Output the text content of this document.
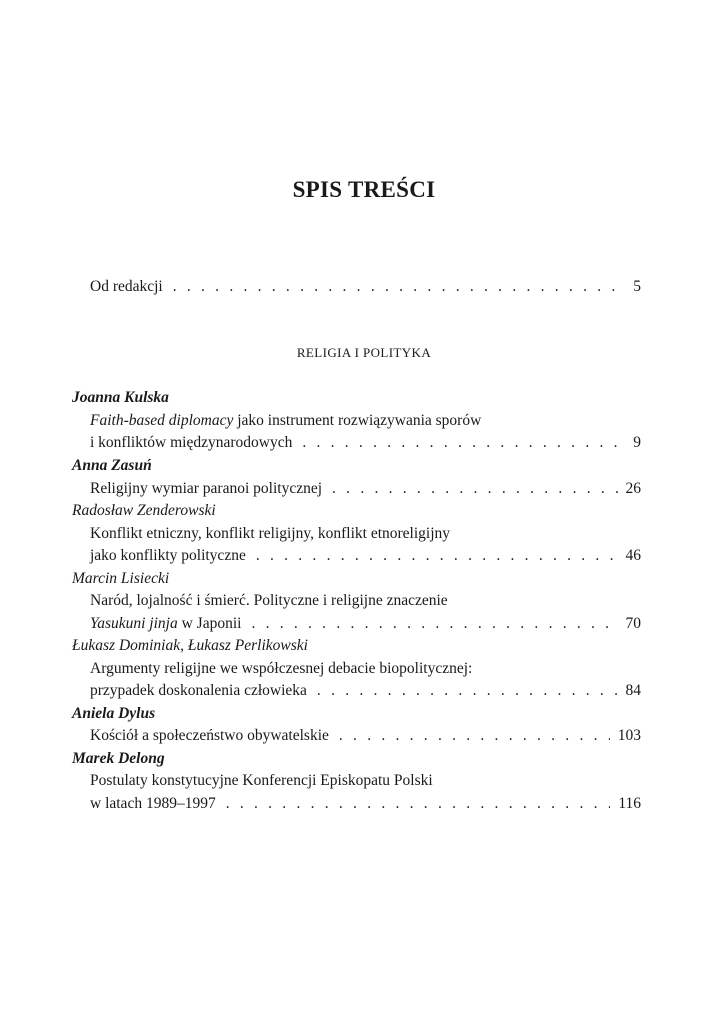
SPIS TREŚCI
Od redakcji . . .	5
RELIGIA I POLITYKA
Joanna Kulska
Faith-based diplomacy jako instrument rozwiązywania sporów
i konfliktów międzynarodowych . . .	9
Anna Zasuń
Religijny wymiar paranoi politycznej . . .	26
Radosław Zenderowski
Konflikt etniczny, konflikt religijny, konflikt etnoreligijny
jako konflikty polityczne . . .	46
Marcin Lisiecki
Naród, lojalność i śmierć. Polityczne i religijne znaczenie
Yasukuni jinja w Japonii . . .	70
Łukasz Dominiak, Łukasz Perlikowski
Argumenty religijne we współczesnej debacie biopolitycznej:
przypadek doskonalenia człowieka . . .	84
Aniela Dylus
Kościół a społeczeństwo obywatelskie . . .	103
Marek Delong
Postulaty konstytucyjne Konferencji Episkopatu Polski
w latach 1989–1997 . . .	116
